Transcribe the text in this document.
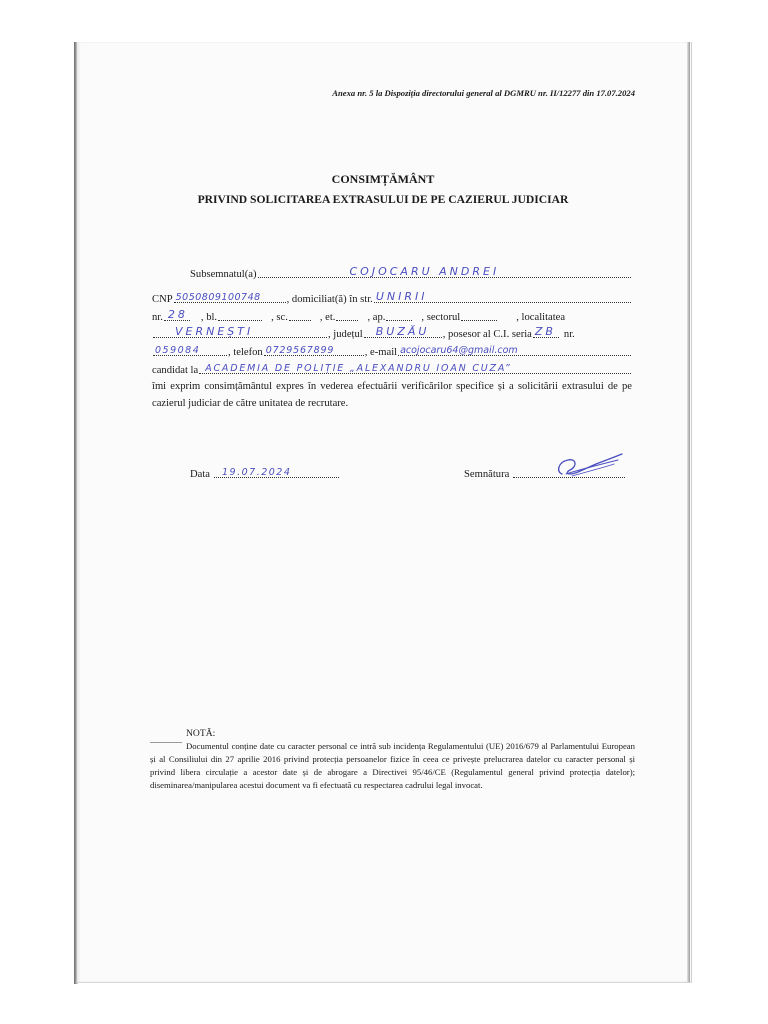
Anexa nr. 5 la Dispoziția directorului general al DGMRU nr. II/12277 din 17.07.2024
CONSIMȚĂMÂNT
PRIVIND SOLICITAREA EXTRASULUI DE PE CAZIERUL JUDICIAR
Subsemnatul(a)	COJOCARU ANDREI
CNP 5050809100748 , domiciliat(ă) în str. UNIRII
nr. 28 , bl.	, sc.	, et.	, ap.	, sectorul	, localitatea
VERNEȘTI	, județul BUZĂU , posesor al C.I. seria ZB nr.
059084	, telefon 0729567899	, e-mail acojocaru64@gmail.com
candidat la ACADEMIA DE POLIȚIE „ALEXANDRU IOAN CUZA”
îmi exprim consimțământul expres în vederea efectuării verificărilor specifice și a solicitării extrasului de pe cazierul judiciar de către unitatea de recrutare.
Data 19.07.2024	Semnătura
NOTĂ:
Documentul conține date cu caracter personal ce intră sub incidența Regulamentului (UE) 2016/679 al Parlamentului European și al Consiliului din 27 aprilie 2016 privind protecția persoanelor fizice în ceea ce privește prelucrarea datelor cu caracter personal și privind libera circulație a acestor date și de abrogare a Directivei 95/46/CE (Regulamentul general privind protecția datelor); diseminarea/manipularea acestui document va fi efectuată cu respectarea cadrului legal invocat.
